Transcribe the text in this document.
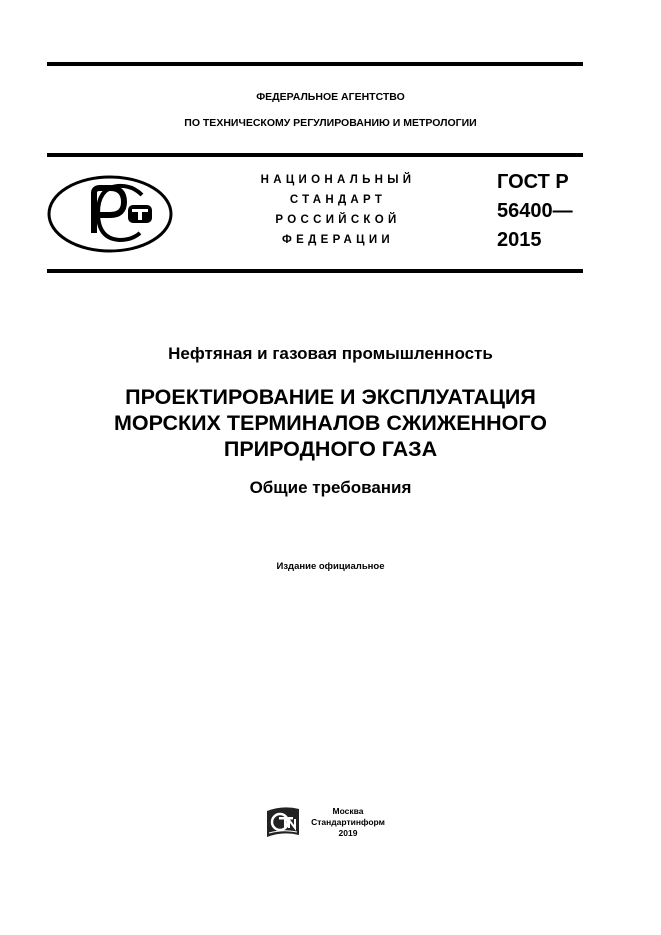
ФЕДЕРАЛЬНОЕ АГЕНТСТВО
ПО ТЕХНИЧЕСКОМУ РЕГУЛИРОВАНИЮ И МЕТРОЛОГИИ
НАЦИОНАЛЬНЫЙ
СТАНДАРТ
РОССИЙСКОЙ
ФЕДЕРАЦИИ
ГОСТ Р
56400—
2015
Нефтяная и газовая промышленность
ПРОЕКТИРОВАНИЕ И ЭКСПЛУАТАЦИЯ
МОРСКИХ ТЕРМИНАЛОВ СЖИЖЕННОГО
ПРИРОДНОГО ГАЗА
Общие требования
Издание официальное
Москва
Стандартинформ
2019
